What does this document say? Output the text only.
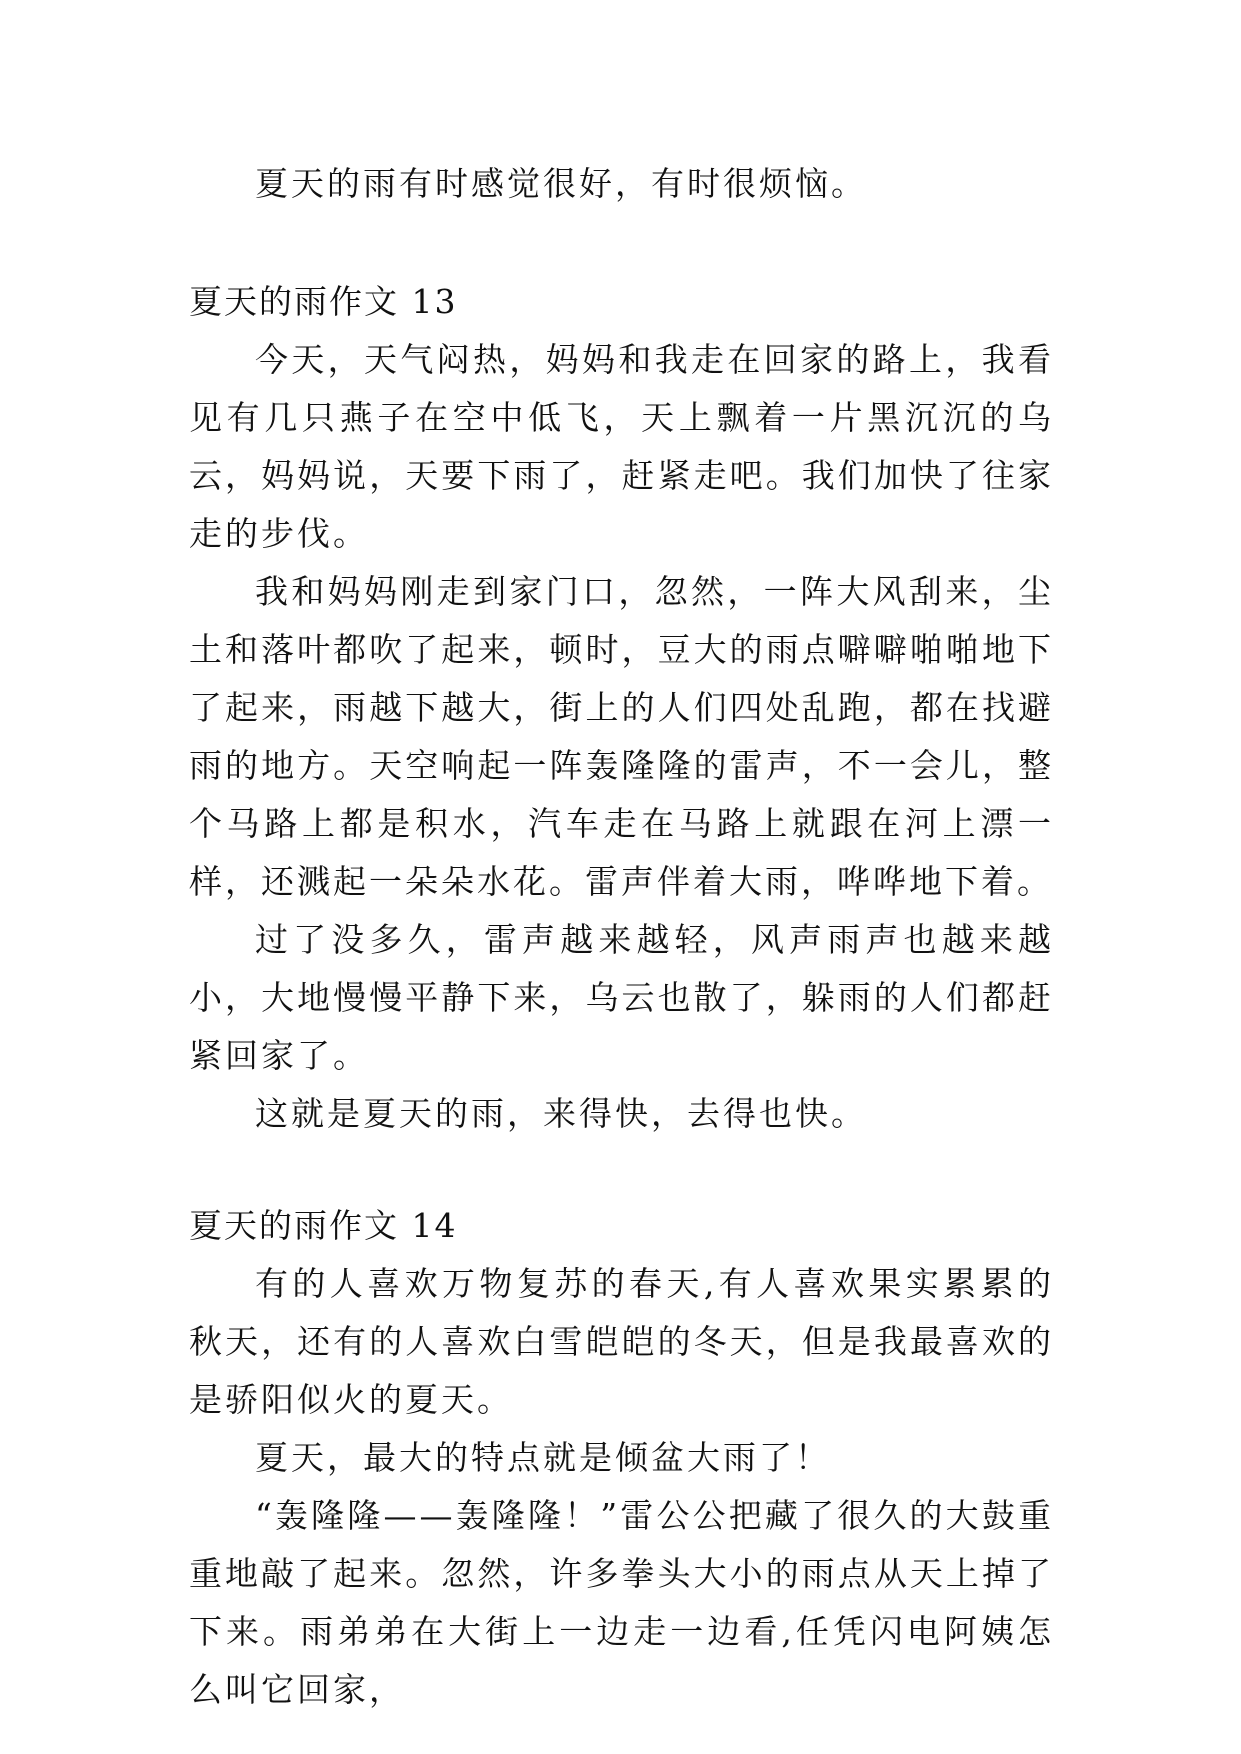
夏天的雨有时感觉很好，有时很烦恼。

夏天的雨作文 13

今天，天气闷热，妈妈和我走在回家的路上，我看见有几只燕子在空中低飞，天上飘着一片黑沉沉的乌云，妈妈说，天要下雨了，赶紧走吧。我们加快了往家走的步伐。

我和妈妈刚走到家门口，忽然，一阵大风刮来，尘土和落叶都吹了起来，顿时，豆大的雨点噼噼啪啪地下了起来，雨越下越大，街上的人们四处乱跑，都在找避雨的地方。天空响起一阵轰隆隆的雷声，不一会儿，整个马路上都是积水，汽车走在马路上就跟在河上漂一样，还溅起一朵朵水花。雷声伴着大雨，哗哗地下着。

过了没多久，雷声越来越轻，风声雨声也越来越小，大地慢慢平静下来，乌云也散了，躲雨的人们都赶紧回家了。

这就是夏天的雨，来得快，去得也快。

夏天的雨作文 14

有的人喜欢万物复苏的春天,有人喜欢果实累累的秋天，还有的人喜欢白雪皑皑的冬天，但是我最喜欢的是骄阳似火的夏天。

夏天，最大的特点就是倾盆大雨了！

“轰隆隆——轰隆隆！”雷公公把藏了很久的大鼓重重地敲了起来。忽然，许多拳头大小的雨点从天上掉了下来。雨弟弟在大街上一边走一边看,任凭闪电阿姨怎么叫它回家，
